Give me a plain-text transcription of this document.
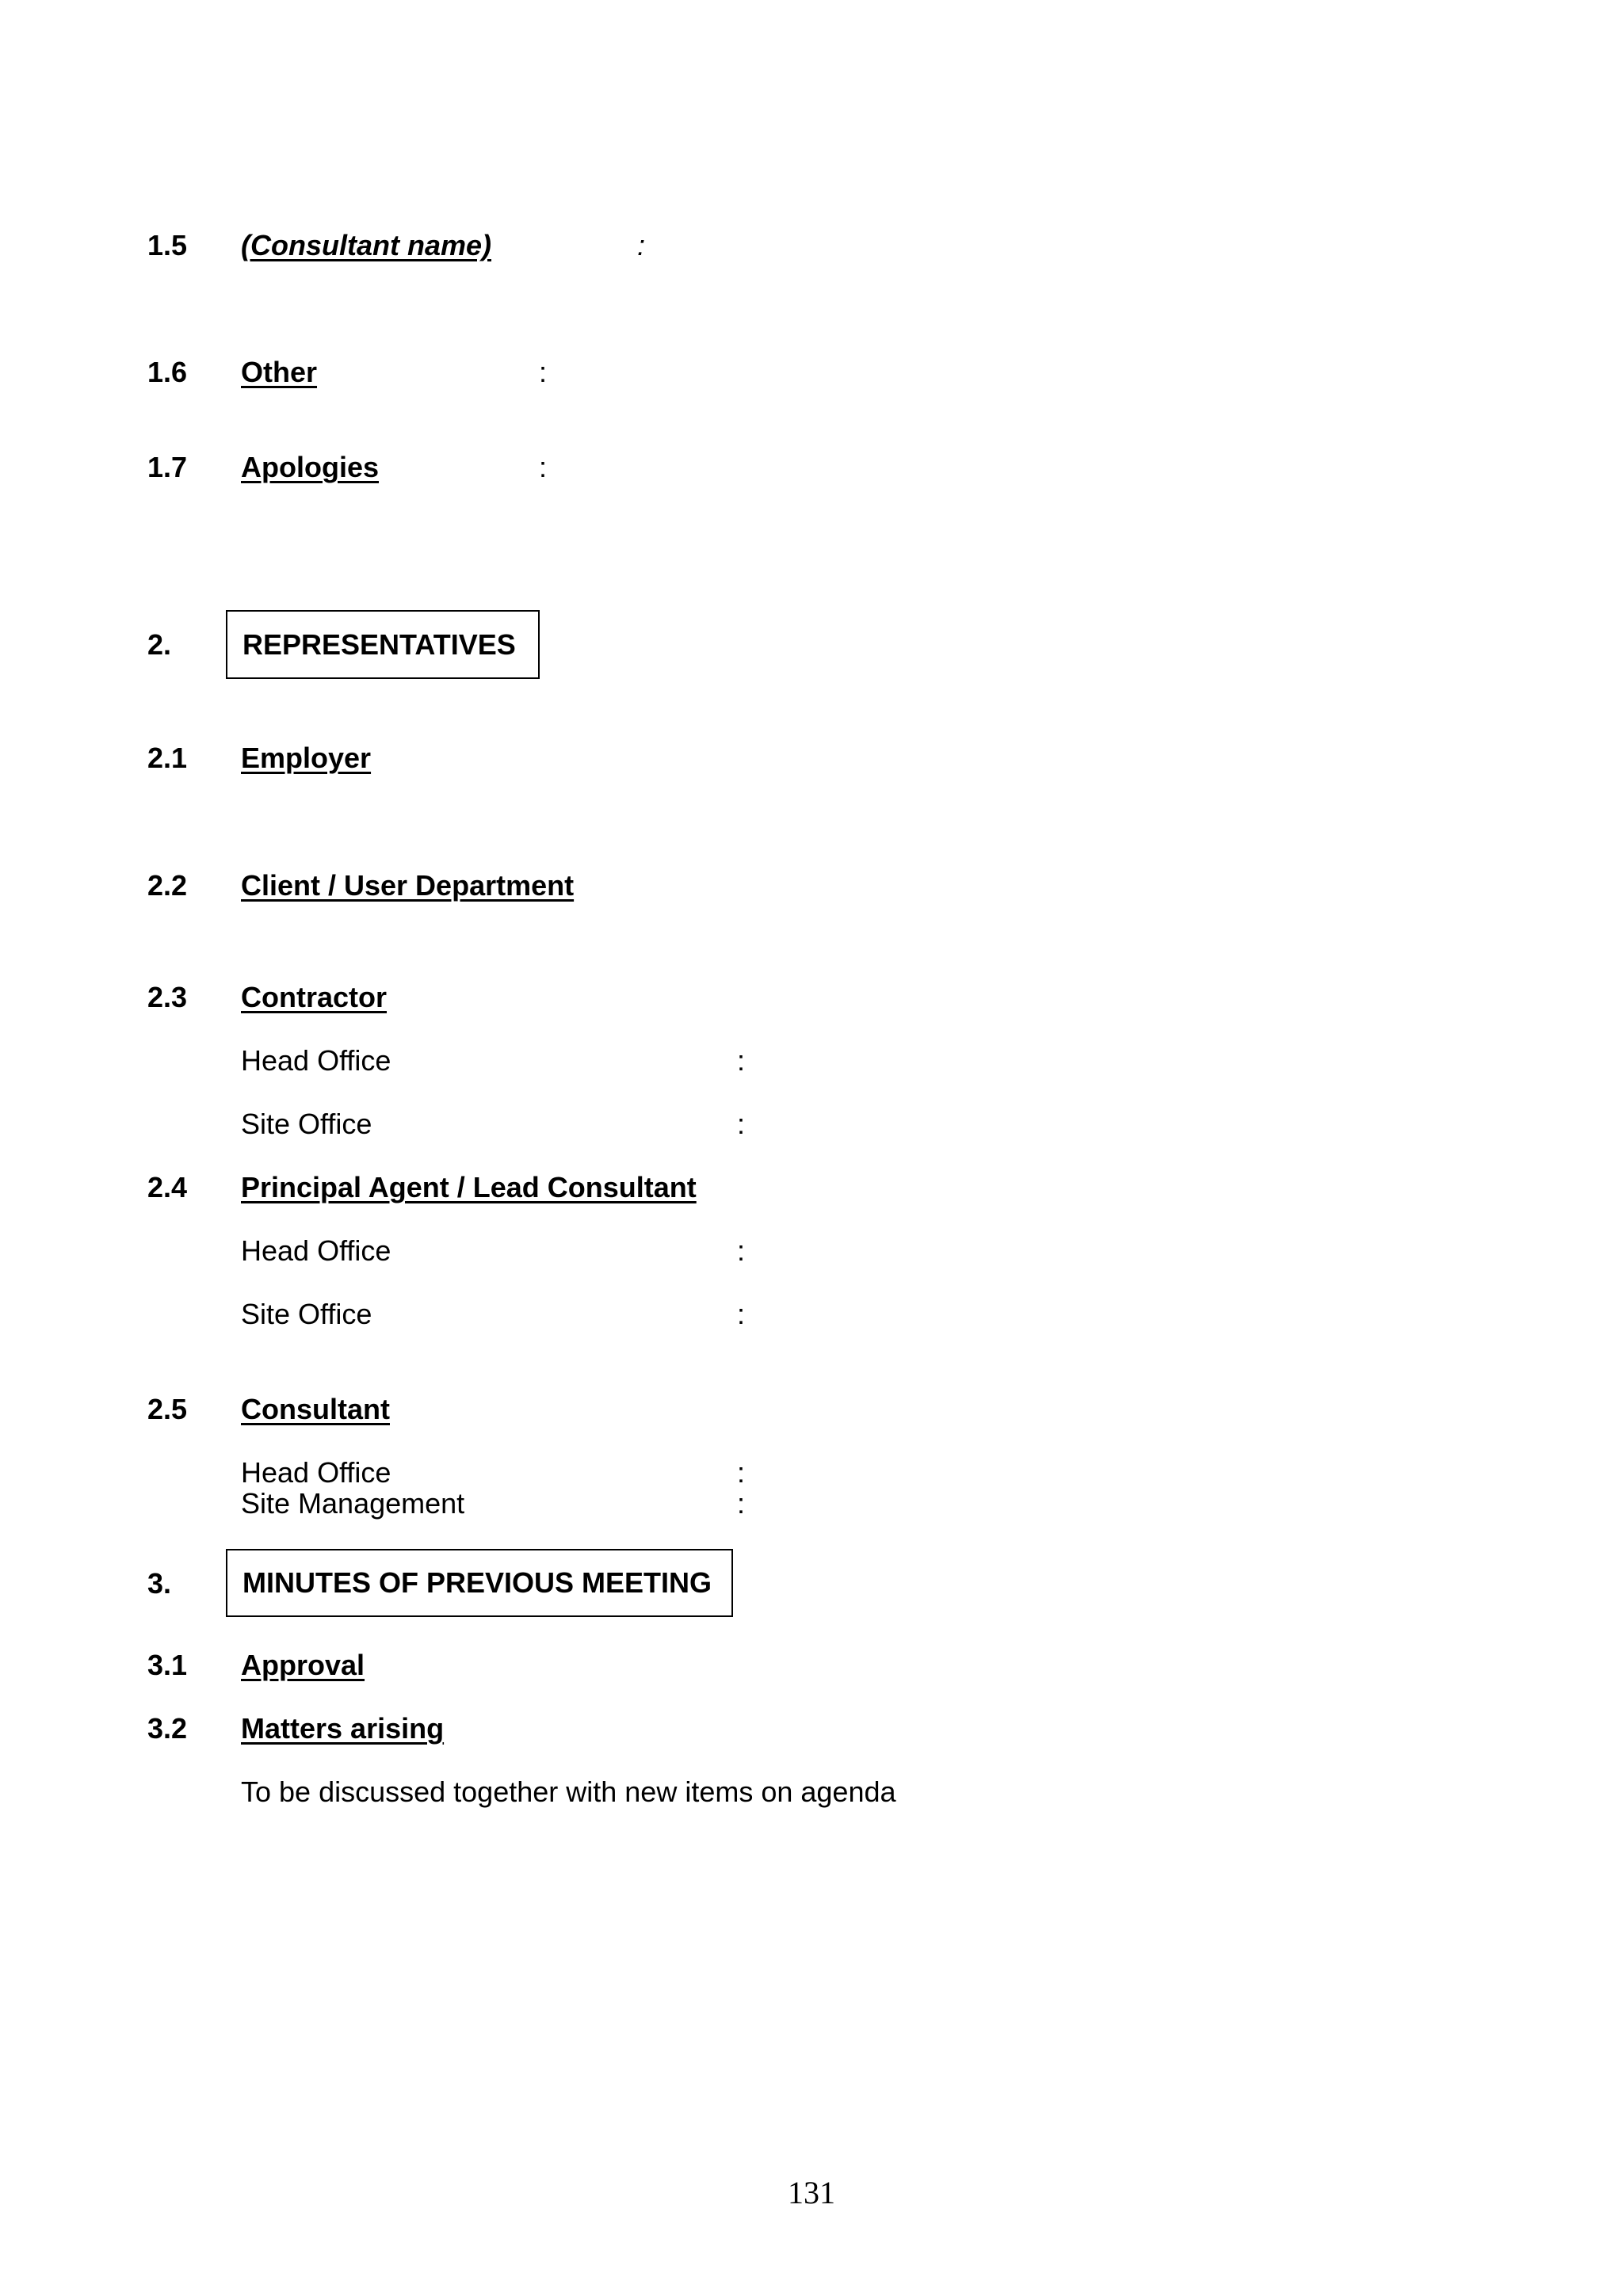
1.5 (Consultant name)	:
1.6 Other	:
1.7 Apologies	:
2.	REPRESENTATIVES
2.1 Employer
2.2 Client / User Department
2.3 Contractor
Head Office	:
Site Office	:
2.4 Principal Agent / Lead Consultant
Head Office	:
Site Office	:
2.5 Consultant
Head Office	:
Site Management	:
3.	MINUTES OF PREVIOUS MEETING
3.1 Approval
3.2 Matters arising
To be discussed together with new items on agenda
131
